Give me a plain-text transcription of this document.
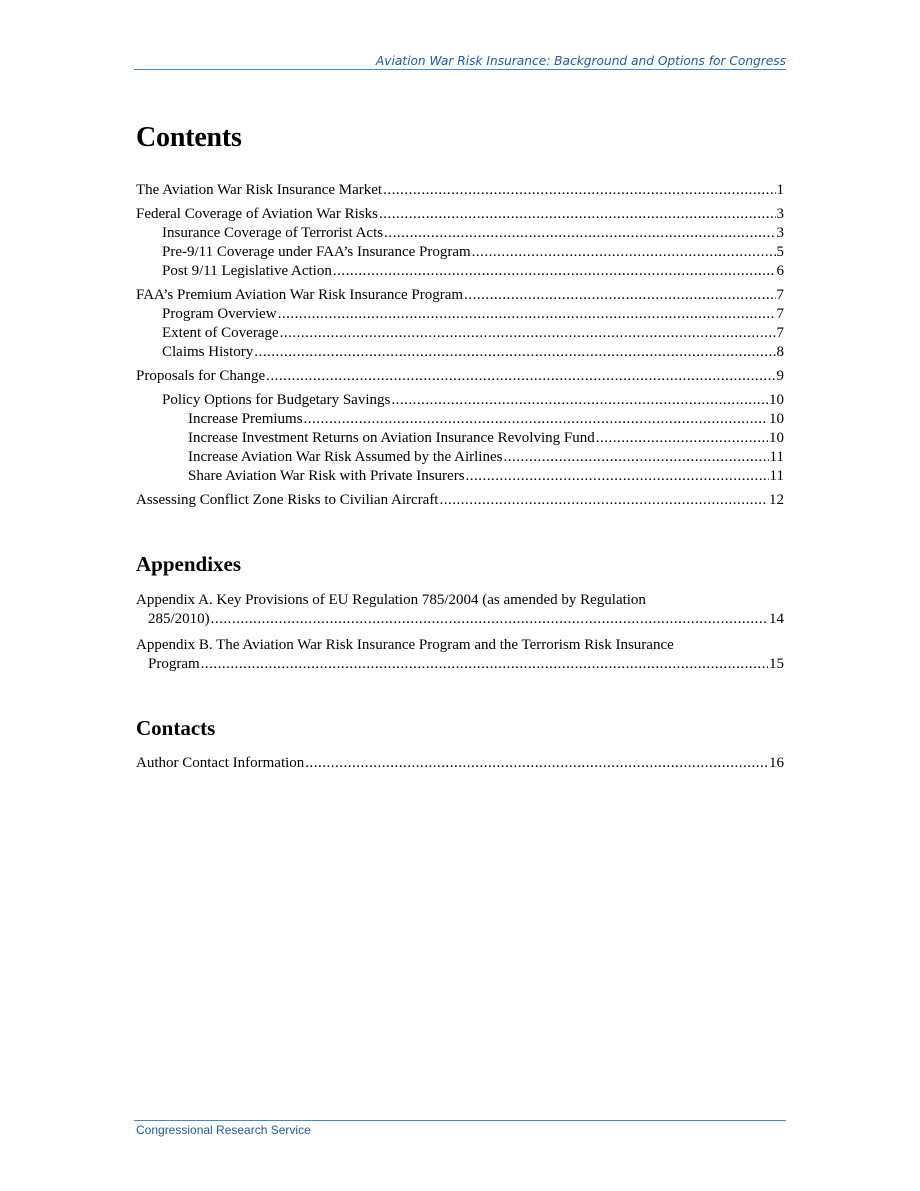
Aviation War Risk Insurance: Background and Options for Congress
Contents
The Aviation War Risk Insurance Market .....	1
Federal Coverage of Aviation War Risks .....	3
Insurance Coverage of Terrorist Acts .....	3
Pre-9/11 Coverage under FAA’s Insurance Program .....	5
Post 9/11 Legislative Action .....	6
FAA’s Premium Aviation War Risk Insurance Program .....	7
Program Overview .....	7
Extent of Coverage .....	7
Claims History .....	8
Proposals for Change .....	9
Policy Options for Budgetary Savings .....	10
Increase Premiums .....	10
Increase Investment Returns on Aviation Insurance Revolving Fund .....	10
Increase Aviation War Risk Assumed by the Airlines .....	11
Share Aviation War Risk with Private Insurers .....	11
Assessing Conflict Zone Risks to Civilian Aircraft .....	12
Appendixes
Appendix A. Key Provisions of EU Regulation 785/2004 (as amended by Regulation
285/2010) .....	14
Appendix B. The Aviation War Risk Insurance Program and the Terrorism Risk Insurance
Program .....	15
Contacts
Author Contact Information .....	16
Congressional Research Service
